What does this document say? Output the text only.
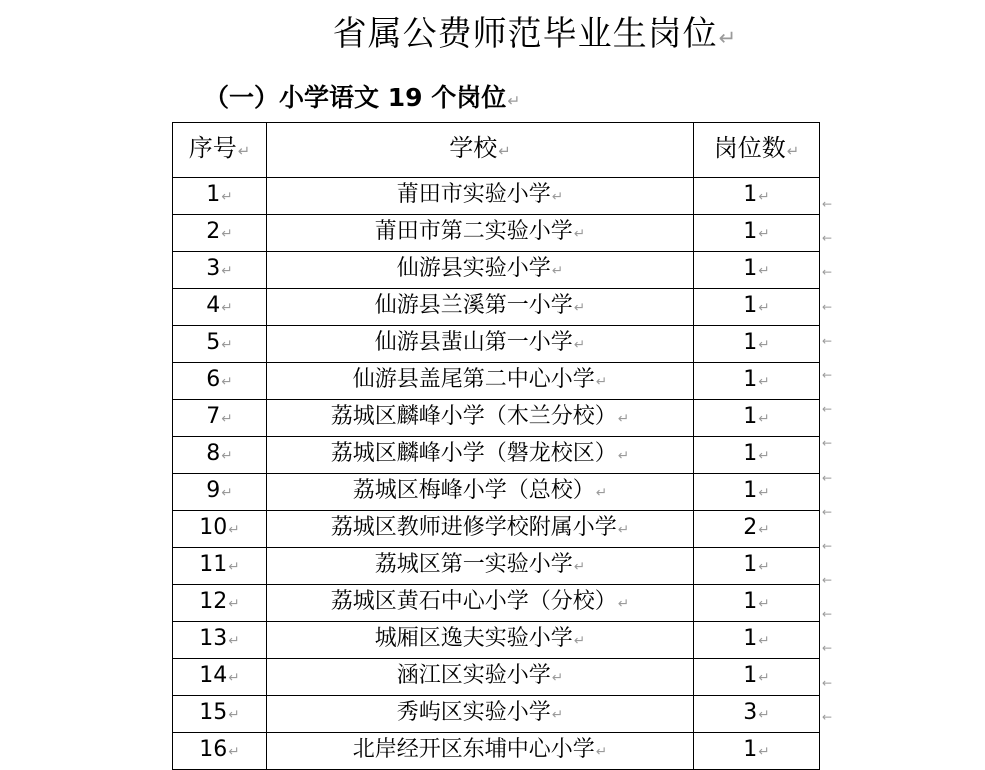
省属公费师范毕业生岗位↵
（一）小学语文 19 个岗位↵
序号↵	学校↵	岗位数↵
1↵	莆田市实验小学↵	1↵
2↵	莆田市第二实验小学↵	1↵
3↵	仙游县实验小学↵	1↵
4↵	仙游县兰溪第一小学↵	1↵
5↵	仙游县蜚山第一小学↵	1↵
6↵	仙游县盖尾第二中心小学↵	1↵
7↵	荔城区麟峰小学（木兰分校）↵	1↵
8↵	荔城区麟峰小学（磐龙校区）↵	1↵
9↵	荔城区梅峰小学（总校）↵	1↵
10↵	荔城区教师进修学校附属小学↵	2↵
11↵	荔城区第一实验小学↵	1↵
12↵	荔城区黄石中心小学（分校）↵	1↵
13↵	城厢区逸夫实验小学↵	1↵
14↵	涵江区实验小学↵	1↵
15↵	秀屿区实验小学↵	3↵
16↵	北岸经开区东埔中心小学↵	1↵
←
←
←
←
←
←
←
←
←
←
←
←
←
←
←
←
